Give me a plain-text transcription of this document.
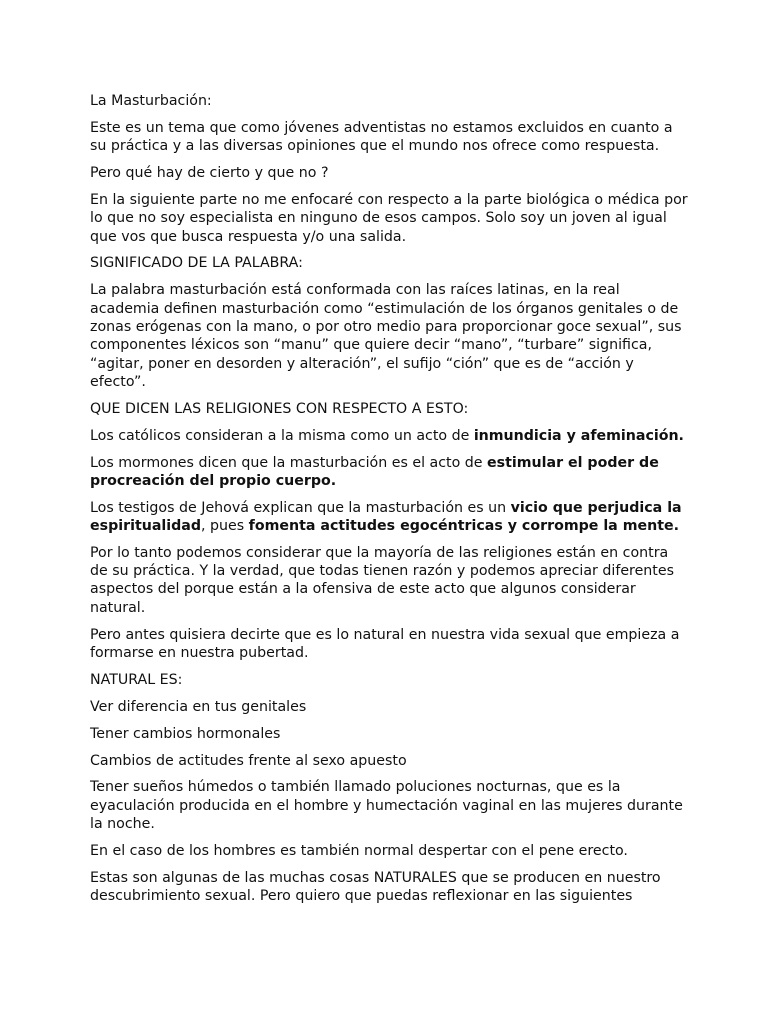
La Masturbación:

Este es un tema que como jóvenes adventistas no estamos excluidos en cuanto a su práctica y a las diversas opiniones que el mundo nos ofrece como respuesta.

Pero qué hay de cierto y que no ?

En la siguiente parte no me enfocaré con respecto a la parte biológica o médica por lo que no soy especialista en ninguno de esos campos. Solo soy un joven al igual que vos que busca respuesta y/o una salida.

SIGNIFICADO DE LA PALABRA:

La palabra masturbación está conformada con las raíces latinas, en la real academia definen masturbación como “estimulación de los órganos genitales o de zonas erógenas con la mano, o por otro medio para proporcionar goce sexual”, sus componentes léxicos son “manu” que quiere decir “mano”, “turbare” significa, “agitar, poner en desorden y alteración”, el sufijo “ción” que es de “acción y efecto”.

QUE DICEN LAS RELIGIONES CON RESPECTO A ESTO:

Los católicos consideran a la misma como un acto de inmundicia y afeminación.

Los mormones dicen que la masturbación es el acto de estimular el poder de procreación del propio cuerpo.

Los testigos de Jehová explican que la masturbación es un vicio que perjudica la espiritualidad, pues fomenta actitudes egocéntricas y corrompe la mente.

Por lo tanto podemos considerar que la mayoría de las religiones están en contra de su práctica. Y la verdad, que todas tienen razón y podemos apreciar diferentes aspectos del porque están a la ofensiva de este acto que algunos considerar natural.

Pero antes quisiera decirte que es lo natural en nuestra vida sexual que empieza a formarse en nuestra pubertad.

NATURAL ES:

Ver diferencia en tus genitales

Tener cambios hormonales

Cambios de actitudes frente al sexo apuesto

Tener sueños húmedos o también llamado poluciones nocturnas, que es la eyaculación producida en el hombre y humectación vaginal en las mujeres durante la noche.

En el caso de los hombres es también normal despertar con el pene erecto.

Estas son algunas de las muchas cosas NATURALES que se producen en nuestro descubrimiento sexual. Pero quiero que puedas reflexionar en las siguientes
